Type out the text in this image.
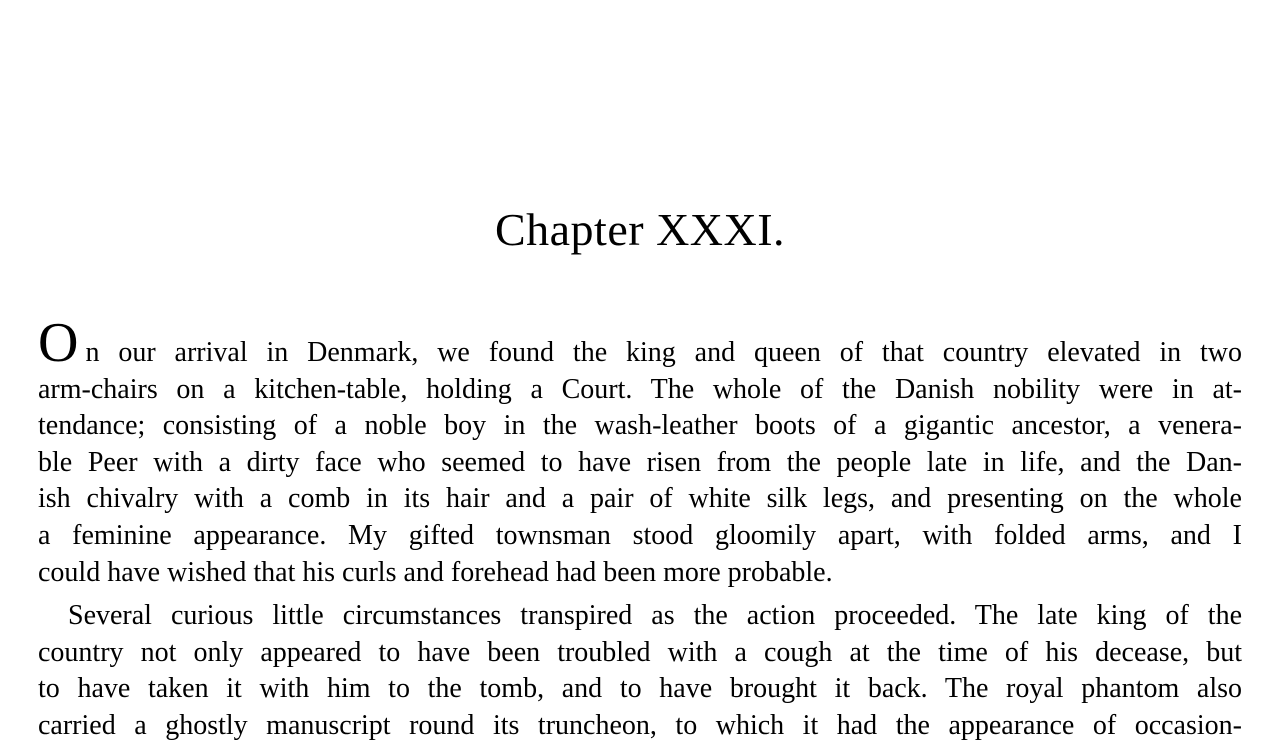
Chapter XXXI.
On our arrival in Denmark, we found the king and queen of that country elevated in two
arm-chairs on a kitchen-table, holding a Court. The whole of the Danish nobility were in at-
tendance; consisting of a noble boy in the wash-leather boots of a gigantic ancestor, a venera-
ble Peer with a dirty face who seemed to have risen from the people late in life, and the Dan-
ish chivalry with a comb in its hair and a pair of white silk legs, and presenting on the whole
a feminine appearance. My gifted townsman stood gloomily apart, with folded arms, and I
could have wished that his curls and forehead had been more probable.
Several curious little circumstances transpired as the action proceeded. The late king of the
country not only appeared to have been troubled with a cough at the time of his decease, but
to have taken it with him to the tomb, and to have brought it back. The royal phantom also
carried a ghostly manuscript round its truncheon, to which it had the appearance of occasion-
